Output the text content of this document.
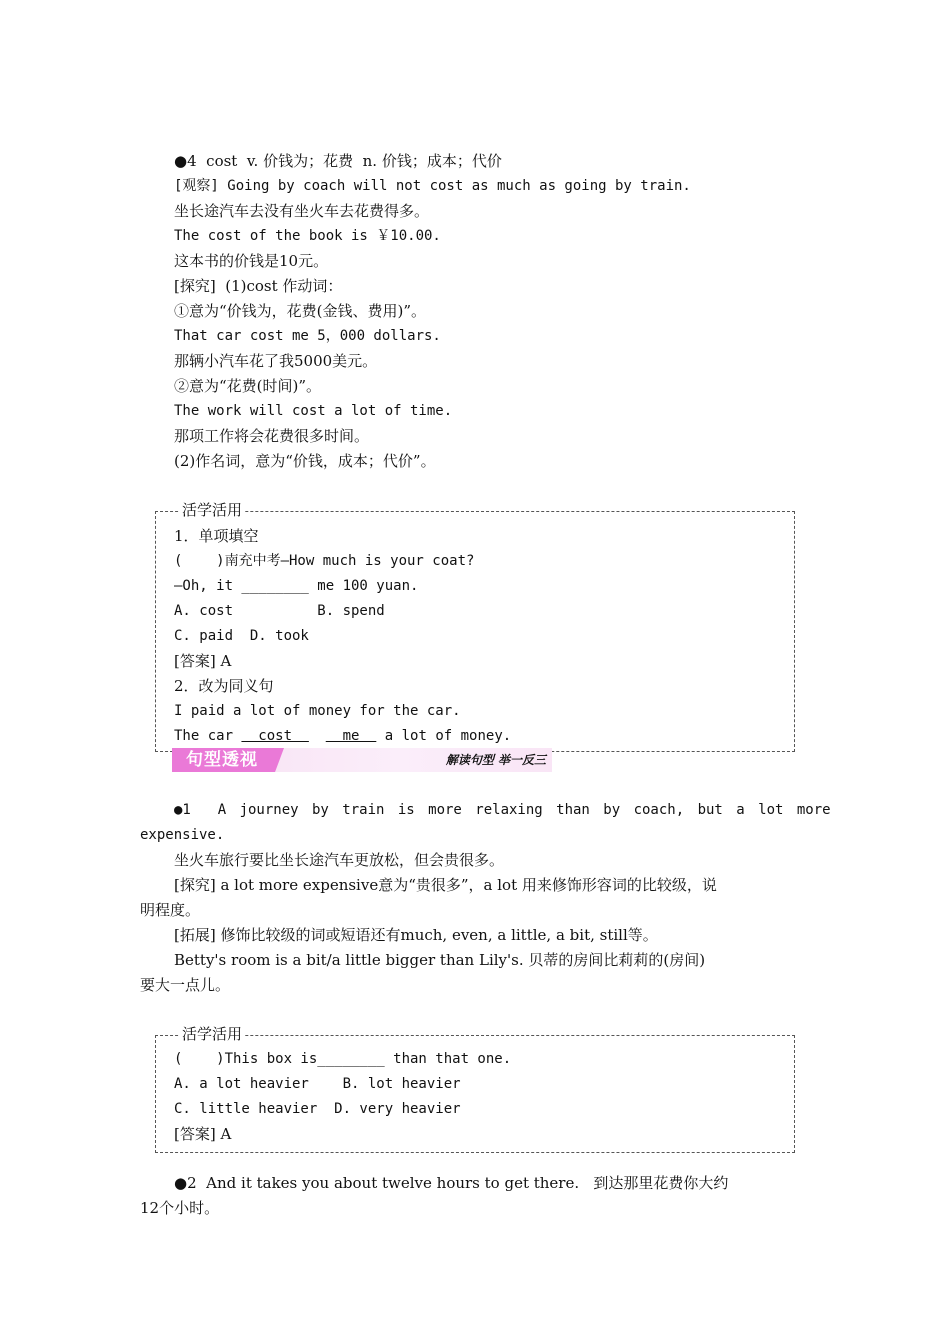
●4  cost  v. 价钱为；花费  n. 价钱；成本；代价
[观察] Going by coach will not cost as much as going by train.
坐长途汽车去没有坐火车去花费得多。
The cost of the book is ￥10.00.
这本书的价钱是10元。
[探究]  (1)cost 作动词：
①意为“价钱为，花费(金钱、费用)”。
That car cost me 5，000 dollars.
那辆小汽车花了我5000美元。
②意为“花费(时间)”。
The work will cost a lot of time.
那项工作将会花费很多时间。
(2)作名词，意为“价钱，成本；代价”。
活学活用
1．单项填空
(    )南充中考—How much is your coat?
—Oh, it ________ me 100 yuan.
A. cost          B. spend
C. paid  D. took
[答案] A
2．改为同义句
I paid a lot of money for the car.
The car   cost      me   a lot of money.
句型透视	解读句型 举一反三
●1  A journey by train is more relaxing than by coach, but a lot more
expensive.
坐火车旅行要比坐长途汽车更放松，但会贵很多。
[探究] a lot more expensive意为“贵很多”，a lot 用来修饰形容词的比较级，说
明程度。
[拓展] 修饰比较级的词或短语还有much, even, a little, a bit, still等。
Betty's room is a bit/a little bigger than Lily's. 贝蒂的房间比莉莉的(房间)
要大一点儿。
活学活用
(    )This box is________ than that one.
A. a lot heavier    B. lot heavier
C. little heavier  D. very heavier
[答案] A
●2  And it takes you about twelve hours to get there.   到达那里花费你大约
12个小时。
